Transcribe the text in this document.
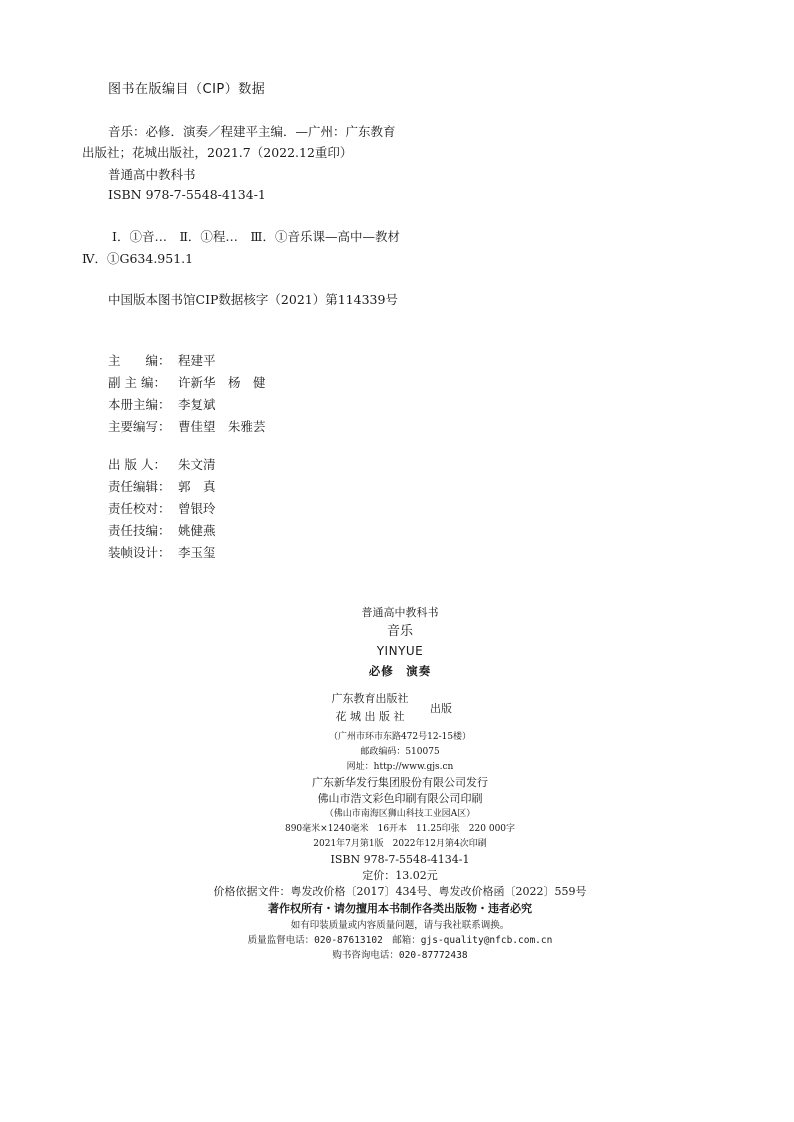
图书在版编目（CIP）数据
音乐：必修．演奏／程建平主编．—广州：广东教育
出版社；花城出版社，2021.7（2022.12重印）
普通高中教科书
ISBN 978-7-5548-4134-1
Ⅰ．①音…　Ⅱ．①程…　Ⅲ．①音乐课—高中—教材
Ⅳ．①G634.951.1
中国版本图书馆CIP数据核字（2021）第114339号
主　　编： 程建平
副 主 编： 许新华　杨　健
本册主编： 李复斌
主要编写： 曹佳望　朱雅芸
出 版 人： 朱文清
责任编辑： 郭　真
责任校对： 曾银玲
责任技编： 姚健燕
装帧设计： 李玉玺
普通高中教科书
音乐
YINYUE
必修　演奏
广东教育出版社
花 城 出 版 社
出版
（广州市环市东路472号12-15楼）
邮政编码：510075
网址：http://www.gjs.cn
广东新华发行集团股份有限公司发行
佛山市浩文彩色印刷有限公司印刷
（佛山市南海区狮山科技工业园A区）
890毫米×1240毫米　16开本　11.25印张　220 000字
2021年7月第1版　2022年12月第4次印刷
ISBN 978-7-5548-4134-1
定价：13.02元
价格依据文件：粤发改价格〔2017〕434号、粤发改价格函〔2022〕559号
著作权所有・请勿擅用本书制作各类出版物・违者必究
如有印装质量或内容质量问题，请与我社联系调换。
质量监督电话：020-87613102　邮箱：gjs-quality@nfcb.com.cn
购书咨询电话：020-87772438
